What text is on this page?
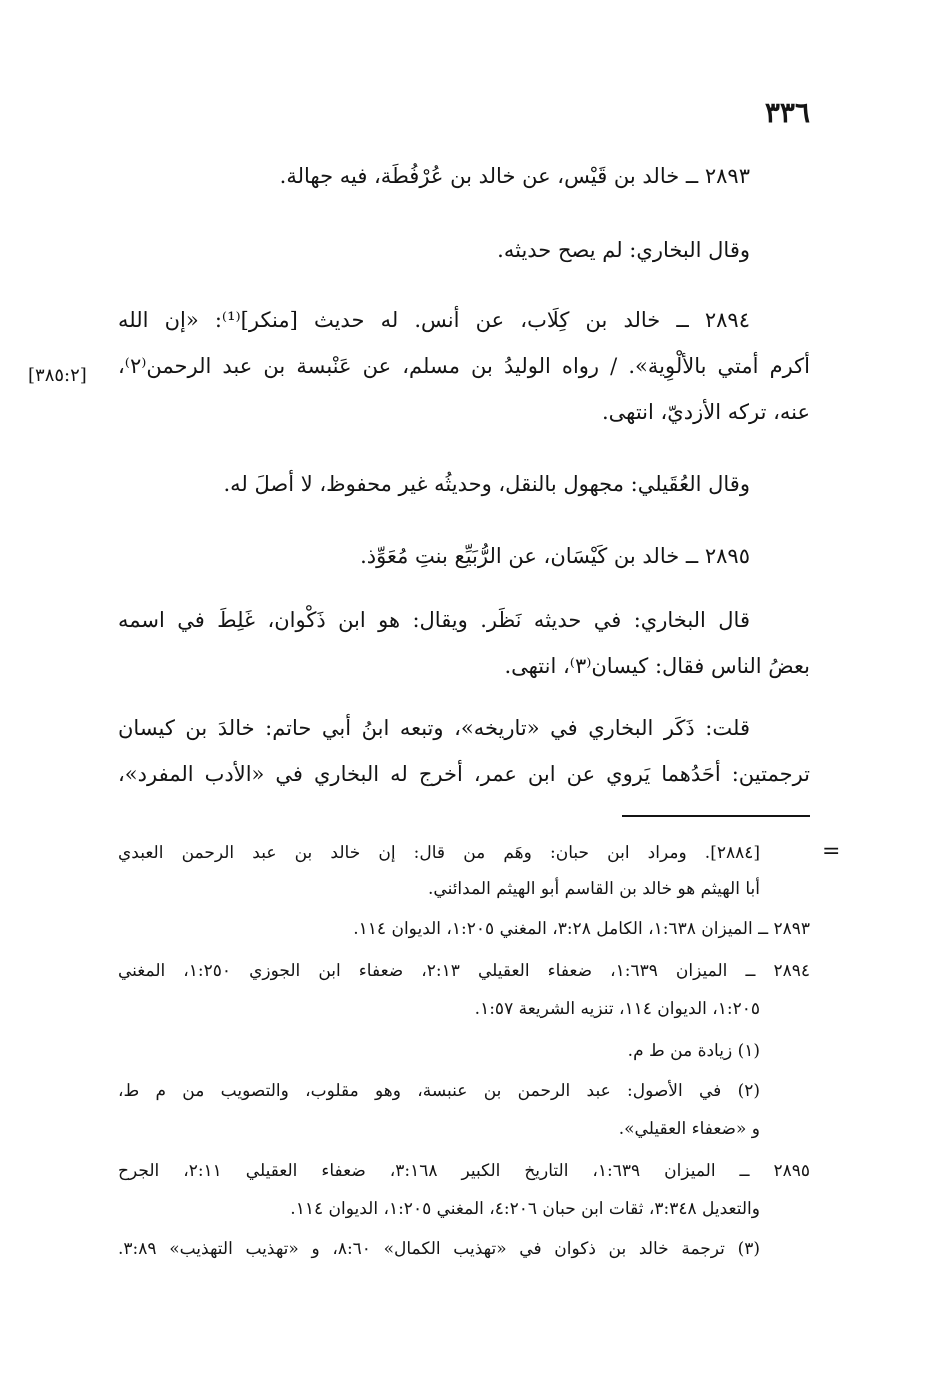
٣٣٦
٢٨٩٣ ــ خالد بن قَيْس، عن خالد بن عُرْفُطَة، فيه جهالة.
وقال البخاري: لم يصح حديثه.
٢٨٩٤ ــ خالد بن كِلَاب، عن أنس. له حديث [منكر]⁽¹⁾: «إن الله
أكرم أمتي بالألْوِية». / رواه الوليدُ بن مسلم، عن عَنْبسة بن عبد الرحمن⁽٢⁾،
عنه، تركه الأزديّ، انتهى.
[٣٨٥:٢]
وقال العُقَيلي: مجهول بالنقل، وحديثُه غير محفوظ، لا أصلَ له.
٢٨٩٥ ــ خالد بن كَيْسَان، عن الرُّبَيِّع بنتِ مُعَوِّذ.
قال البخاري: في حديثه نَظَر. ويقال: هو ابن ذَكْوان، غَلِطَ في اسمه
بعضُ الناس فقال: كيسان⁽٣⁾، انتهى.
قلت: ذَكَر البخاري في «تاريخه»، وتبعه ابنُ أبي حاتم: خالدَ بن كيسان
ترجمتين: أحَدُهما يَروي عن ابن عمر، أخرج له البخاري في «الأدب المفرد»،
=
[٢٨٨٤]. ومراد ابن حبان: وهَم من قال: إن خالد بن عبد الرحمن العبدي
أبا الهيثم هو خالد بن القاسم أبو الهيثم المدائني.
٢٨٩٣ ــ الميزان ١:٦٣٨، الكامل ٣:٢٨، المغني ١:٢٠٥، الديوان ١١٤.
٢٨٩٤ ــ الميزان ١:٦٣٩، ضعفاء العقيلي ٢:١٣، ضعفاء ابن الجوزي ١:٢٥٠، المغني
١:٢٠٥، الديوان ١١٤، تنزيه الشريعة ١:٥٧.
(١) زيادة من ط م.
(٢) في الأصول: عبد الرحمن بن عنبسة، وهو مقلوب، والتصويب من م ط،
و «ضعفاء العقيلي».
٢٨٩٥ ــ الميزان ١:٦٣٩، التاريخ الكبير ٣:١٦٨، ضعفاء العقيلي ٢:١١، الجرح
والتعديل ٣:٣٤٨، ثقات ابن حبان ٤:٢٠٦، المغني ١:٢٠٥، الديوان ١١٤.
(٣) ترجمة خالد بن ذكوان في «تهذيب الكمال» ٨:٦٠، و «تهذيب التهذيب» ٣:٨٩.
